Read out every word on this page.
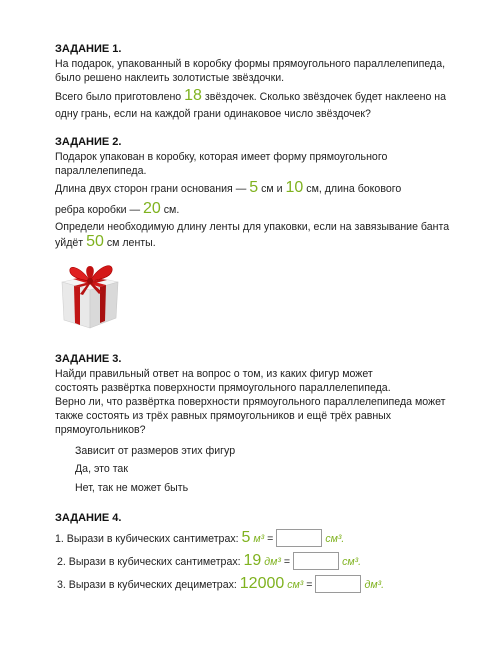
ЗАДАНИЕ 1.
На подарок, упакованный в коробку формы прямоугольного параллелепипеда,
было решено наклеить золотистые звёздочки.
Всего было приготовлено 18 звёздочек. Сколько звёздочек будет наклеено на
одну грань, если на каждой грани одинаковое число звёздочек?
ЗАДАНИЕ 2.
Подарок упакован в коробку, которая имеет форму прямоугольного
параллелепипеда.
Длина двух сторон грани основания — 5 см и 10 см, длина бокового
ребра коробки — 20 см.
Определи необходимую длину ленты для упаковки, если на завязывание банта
уйдёт 50 см ленты.
ЗАДАНИЕ 3.
Найди правильный ответ на вопрос о том, из каких фигур может
состоять развёртка поверхности прямоугольного параллелепипеда.
Верно ли, что развёртка поверхности прямоугольного параллелепипеда может
также состоять из трёх равных прямоугольников и ещё трёх равных
прямоугольников?
Зависит от размеров этих фигур
Да, это так
Нет, так не может быть
ЗАДАНИЕ 4.
1. Вырази в кубических сантиметрах: 5 м³ =	см³.
2. Вырази в кубических сантиметрах: 19 дм³ =	см³.
3. Вырази в кубических дециметрах: 12000 см³ =	дм³.
